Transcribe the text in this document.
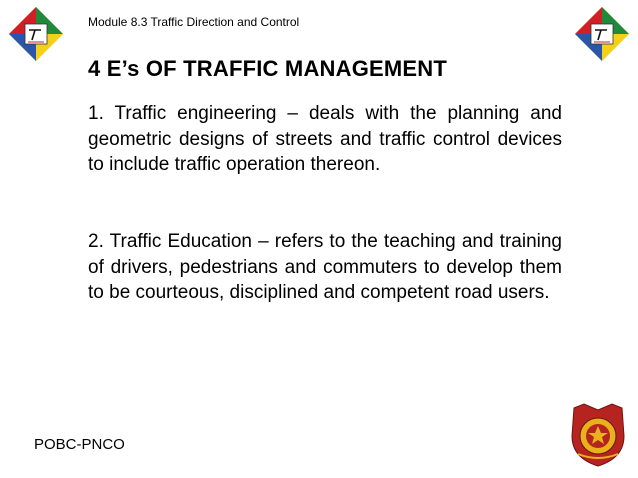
Module 8.3 Traffic Direction and Control
4 E’s OF TRAFFIC MANAGEMENT

1. Traffic engineering – deals with the planning and geometric designs of streets and traffic control devices to include traffic operation thereon.

2. Traffic Education – refers to the teaching and training of drivers, pedestrians and commuters to develop them to be courteous, disciplined and competent road users.

POBC-PNCO
